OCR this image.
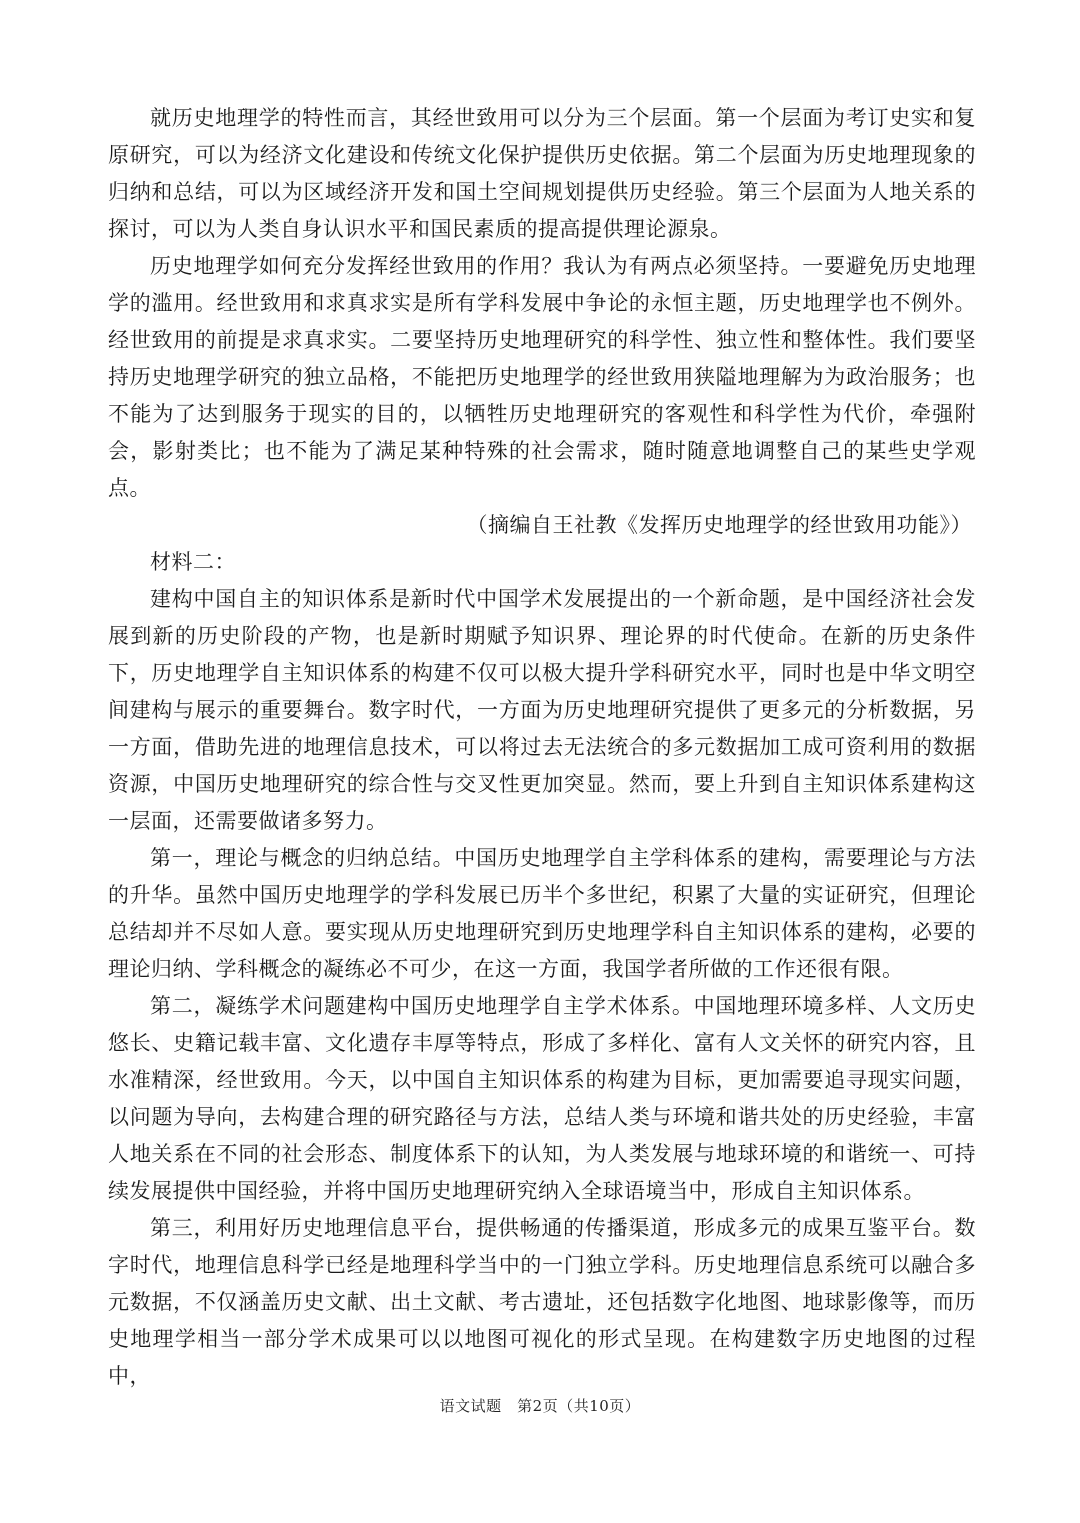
就历史地理学的特性而言，其经世致用可以分为三个层面。第一个层面为考订史实和复原研究，可以为经济文化建设和传统文化保护提供历史依据。第二个层面为历史地理现象的归纳和总结，可以为区域经济开发和国土空间规划提供历史经验。第三个层面为人地关系的探讨，可以为人类自身认识水平和国民素质的提高提供理论源泉。

历史地理学如何充分发挥经世致用的作用？我认为有两点必须坚持。一要避免历史地理学的滥用。经世致用和求真求实是所有学科发展中争论的永恒主题，历史地理学也不例外。经世致用的前提是求真求实。二要坚持历史地理研究的科学性、独立性和整体性。我们要坚持历史地理学研究的独立品格，不能把历史地理学的经世致用狭隘地理解为为政治服务；也不能为了达到服务于现实的目的，以牺牲历史地理研究的客观性和科学性为代价，牵强附会，影射类比；也不能为了满足某种特殊的社会需求，随时随意地调整自己的某些史学观点。

（摘编自王社教《发挥历史地理学的经世致用功能》）

材料二：

建构中国自主的知识体系是新时代中国学术发展提出的一个新命题，是中国经济社会发展到新的历史阶段的产物，也是新时期赋予知识界、理论界的时代使命。在新的历史条件下，历史地理学自主知识体系的构建不仅可以极大提升学科研究水平，同时也是中华文明空间建构与展示的重要舞台。数字时代，一方面为历史地理研究提供了更多元的分析数据，另一方面，借助先进的地理信息技术，可以将过去无法统合的多元数据加工成可资利用的数据资源，中国历史地理研究的综合性与交叉性更加突显。然而，要上升到自主知识体系建构这一层面，还需要做诸多努力。

第一，理论与概念的归纳总结。中国历史地理学自主学科体系的建构，需要理论与方法的升华。虽然中国历史地理学的学科发展已历半个多世纪，积累了大量的实证研究，但理论总结却并不尽如人意。要实现从历史地理研究到历史地理学科自主知识体系的建构，必要的理论归纳、学科概念的凝练必不可少，在这一方面，我国学者所做的工作还很有限。

第二，凝练学术问题建构中国历史地理学自主学术体系。中国地理环境多样、人文历史悠长、史籍记载丰富、文化遗存丰厚等特点，形成了多样化、富有人文关怀的研究内容，且水准精深，经世致用。今天，以中国自主知识体系的构建为目标，更加需要追寻现实问题，以问题为导向，去构建合理的研究路径与方法，总结人类与环境和谐共处的历史经验，丰富人地关系在不同的社会形态、制度体系下的认知，为人类发展与地球环境的和谐统一、可持续发展提供中国经验，并将中国历史地理研究纳入全球语境当中，形成自主知识体系。

第三，利用好历史地理信息平台，提供畅通的传播渠道，形成多元的成果互鉴平台。数字时代，地理信息科学已经是地理科学当中的一门独立学科。历史地理信息系统可以融合多元数据，不仅涵盖历史文献、出土文献、考古遗址，还包括数字化地图、地球影像等，而历史地理学相当一部分学术成果可以以地图可视化的形式呈现。在构建数字历史地图的过程中，

语文试题　第2页（共10页）
